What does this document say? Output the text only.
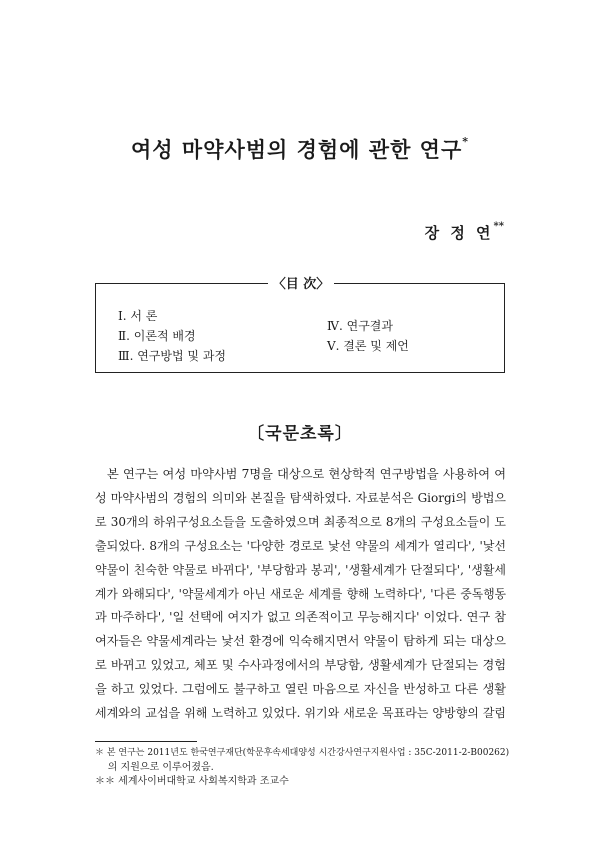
여성 마약사범의 경험에 관한 연구*
장 정 연**
〈目 次〉
Ⅰ. 서 론
Ⅱ. 이론적 배경
Ⅲ. 연구방법 및 과정
Ⅳ. 연구결과
Ⅴ. 결론 및 제언
〔국문초록〕
본 연구는 여성 마약사범 7명을 대상으로 현상학적 연구방법을 사용하여 여
성 마약사범의 경험의 의미와 본질을 탐색하였다. 자료분석은 Giorgi의 방법으
로 30개의 하위구성요소들을 도출하였으며 최종적으로 8개의 구성요소들이 도
출되었다. 8개의 구성요소는 '다양한 경로로 낯선 약물의 세계가 열리다', '낯선
약물이 친숙한 약물로 바뀌다', '부당함과 봉괴', '생활세계가 단절되다', '생활세
계가 와해되다', '약물세계가 아닌 새로운 세계를 향해 노력하다', '다른 중독행동
과 마주하다', '일 선택에 여지가 없고 의존적이고 무능해지다' 이었다. 연구 참
여자들은 약물세계라는 낯선 환경에 익숙해지면서 약물이 탐하게 되는 대상으
로 바뀌고 있었고, 체포 및 수사과정에서의 부당함, 생활세계가 단절되는 경험
을 하고 있었다. 그럼에도 불구하고 열린 마음으로 자신을 반성하고 다른 생활
세계와의 교섭을 위해 노력하고 있었다. 위기와 새로운 목표라는 양방향의 갈림
＊ 본 연구는 2011년도 한국연구재단(학문후속세대양성 시간강사연구지원사업 : 35C-2011-2-B00262)
의 지원으로 이루어졌음.
＊＊ 세계사이버대학교 사회복지학과 조교수
